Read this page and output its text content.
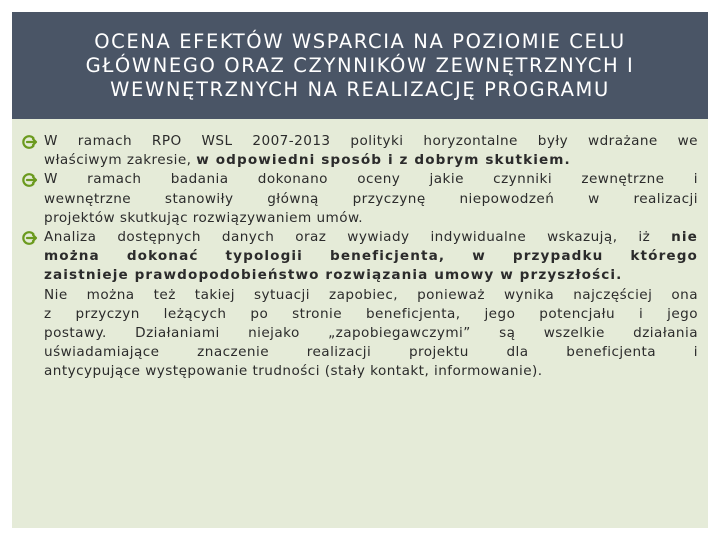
OCENA EFEKTÓW WSPARCIA NA POZIOMIE CELU
GŁÓWNEGO ORAZ CZYNNIKÓW ZEWNĘTRZNYCH I
WEWNĘTRZNYCH NA REALIZACJĘ PROGRAMU
W ramach RPO WSL 2007-2013 polityki horyzontalne były wdrażane we
właściwym zakresie, w odpowiedni sposób i z dobrym skutkiem.
W ramach badania dokonano oceny jakie czynniki zewnętrzne i
wewnętrzne stanowiły główną przyczynę niepowodzeń w realizacji
projektów skutkując rozwiązywaniem umów.
Analiza dostępnych danych oraz wywiady indywidualne wskazują, iż nie
można dokonać typologii beneficjenta, w przypadku którego
zaistnieje prawdopodobieństwo rozwiązania umowy w przyszłości.
Nie można też takiej sytuacji zapobiec, ponieważ wynika najczęściej ona
z przyczyn leżących po stronie beneficjenta, jego potencjału i jego
postawy. Działaniami niejako „zapobiegawczymi” są wszelkie działania
uświadamiające znaczenie realizacji projektu dla beneficjenta i
antycypujące występowanie trudności (stały kontakt, informowanie).
